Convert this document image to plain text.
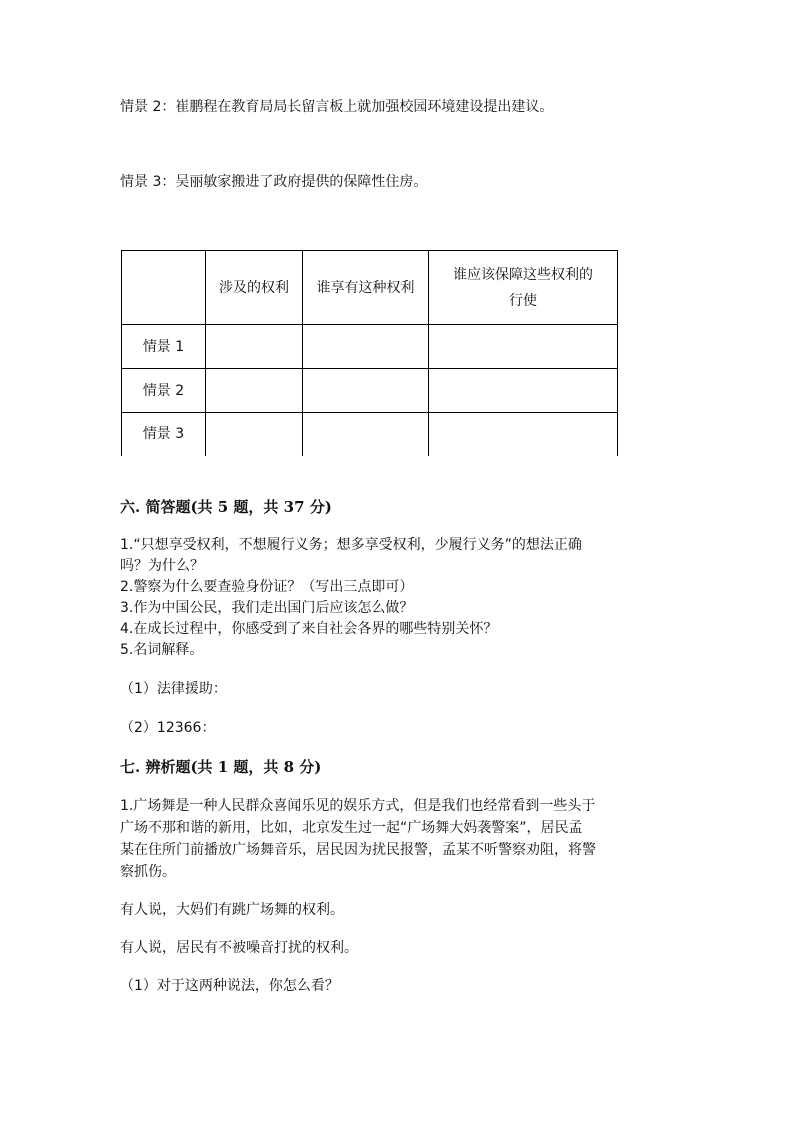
情景 2：崔鹏程在教育局局长留言板上就加强校园环境建设提出建议。
情景 3：吴丽敏家搬进了政府提供的保障性住房。
	涉及的权利	谁享有这种权利	谁应该保障这些权利的
行使

情景 1			
情景 2			
情景 3			
六. 简答题(共 5 题，共 37 分)
1.“只想享受权利，不想履行义务；想多享受权利，少履行义务”的想法正确
吗？为什么？
2.警察为什么要查验身份证？（写出三点即可）
3.作为中国公民，我们走出国门后应该怎么做？
4.在成长过程中，你感受到了来自社会各界的哪些特别关怀？
5.名词解释。
（1）法律援助：
（2）12366：
七. 辨析题(共 1 题，共 8 分)
1.广场舞是一种人民群众喜闻乐见的娱乐方式，但是我们也经常看到一些头于
广场不那和谐的新用，比如，北京发生过一起“广场舞大妈袭警案”，居民孟
某在住所门前播放广场舞音乐，居民因为扰民报警，孟某不听警察劝阻，将警
察抓伤。
有人说，大妈们有跳广场舞的权利。
有人说，居民有不被噪音打扰的权利。
（1）对于这两种说法，你怎么看？
